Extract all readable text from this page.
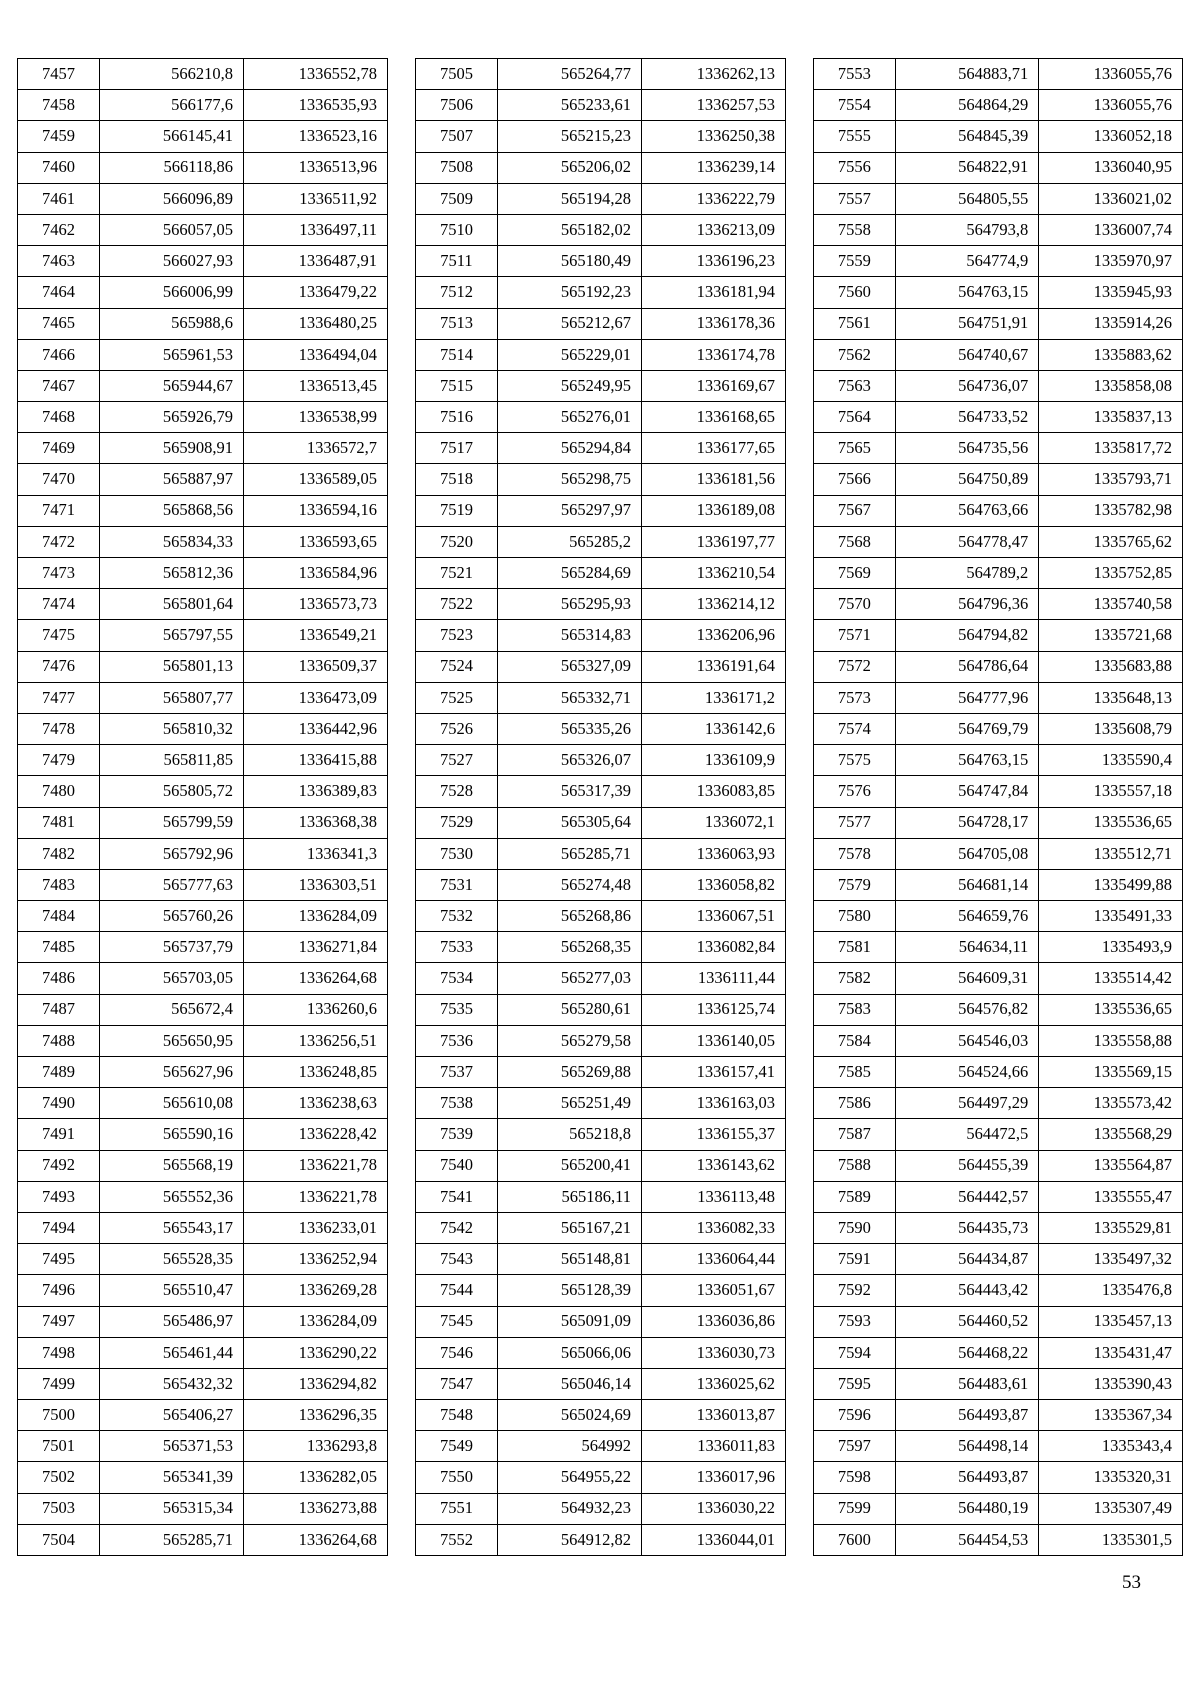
7457	566210,8	1336552,78
7458	566177,6	1336535,93
7459	566145,41	1336523,16
7460	566118,86	1336513,96
7461	566096,89	1336511,92
7462	566057,05	1336497,11
7463	566027,93	1336487,91
7464	566006,99	1336479,22
7465	565988,6	1336480,25
7466	565961,53	1336494,04
7467	565944,67	1336513,45
7468	565926,79	1336538,99
7469	565908,91	1336572,7
7470	565887,97	1336589,05
7471	565868,56	1336594,16
7472	565834,33	1336593,65
7473	565812,36	1336584,96
7474	565801,64	1336573,73
7475	565797,55	1336549,21
7476	565801,13	1336509,37
7477	565807,77	1336473,09
7478	565810,32	1336442,96
7479	565811,85	1336415,88
7480	565805,72	1336389,83
7481	565799,59	1336368,38
7482	565792,96	1336341,3
7483	565777,63	1336303,51
7484	565760,26	1336284,09
7485	565737,79	1336271,84
7486	565703,05	1336264,68
7487	565672,4	1336260,6
7488	565650,95	1336256,51
7489	565627,96	1336248,85
7490	565610,08	1336238,63
7491	565590,16	1336228,42
7492	565568,19	1336221,78
7493	565552,36	1336221,78
7494	565543,17	1336233,01
7495	565528,35	1336252,94
7496	565510,47	1336269,28
7497	565486,97	1336284,09
7498	565461,44	1336290,22
7499	565432,32	1336294,82
7500	565406,27	1336296,35
7501	565371,53	1336293,8
7502	565341,39	1336282,05
7503	565315,34	1336273,88
7504	565285,71	1336264,68
7505	565264,77	1336262,13
7506	565233,61	1336257,53
7507	565215,23	1336250,38
7508	565206,02	1336239,14
7509	565194,28	1336222,79
7510	565182,02	1336213,09
7511	565180,49	1336196,23
7512	565192,23	1336181,94
7513	565212,67	1336178,36
7514	565229,01	1336174,78
7515	565249,95	1336169,67
7516	565276,01	1336168,65
7517	565294,84	1336177,65
7518	565298,75	1336181,56
7519	565297,97	1336189,08
7520	565285,2	1336197,77
7521	565284,69	1336210,54
7522	565295,93	1336214,12
7523	565314,83	1336206,96
7524	565327,09	1336191,64
7525	565332,71	1336171,2
7526	565335,26	1336142,6
7527	565326,07	1336109,9
7528	565317,39	1336083,85
7529	565305,64	1336072,1
7530	565285,71	1336063,93
7531	565274,48	1336058,82
7532	565268,86	1336067,51
7533	565268,35	1336082,84
7534	565277,03	1336111,44
7535	565280,61	1336125,74
7536	565279,58	1336140,05
7537	565269,88	1336157,41
7538	565251,49	1336163,03
7539	565218,8	1336155,37
7540	565200,41	1336143,62
7541	565186,11	1336113,48
7542	565167,21	1336082,33
7543	565148,81	1336064,44
7544	565128,39	1336051,67
7545	565091,09	1336036,86
7546	565066,06	1336030,73
7547	565046,14	1336025,62
7548	565024,69	1336013,87
7549	564992	1336011,83
7550	564955,22	1336017,96
7551	564932,23	1336030,22
7552	564912,82	1336044,01
7553	564883,71	1336055,76
7554	564864,29	1336055,76
7555	564845,39	1336052,18
7556	564822,91	1336040,95
7557	564805,55	1336021,02
7558	564793,8	1336007,74
7559	564774,9	1335970,97
7560	564763,15	1335945,93
7561	564751,91	1335914,26
7562	564740,67	1335883,62
7563	564736,07	1335858,08
7564	564733,52	1335837,13
7565	564735,56	1335817,72
7566	564750,89	1335793,71
7567	564763,66	1335782,98
7568	564778,47	1335765,62
7569	564789,2	1335752,85
7570	564796,36	1335740,58
7571	564794,82	1335721,68
7572	564786,64	1335683,88
7573	564777,96	1335648,13
7574	564769,79	1335608,79
7575	564763,15	1335590,4
7576	564747,84	1335557,18
7577	564728,17	1335536,65
7578	564705,08	1335512,71
7579	564681,14	1335499,88
7580	564659,76	1335491,33
7581	564634,11	1335493,9
7582	564609,31	1335514,42
7583	564576,82	1335536,65
7584	564546,03	1335558,88
7585	564524,66	1335569,15
7586	564497,29	1335573,42
7587	564472,5	1335568,29
7588	564455,39	1335564,87
7589	564442,57	1335555,47
7590	564435,73	1335529,81
7591	564434,87	1335497,32
7592	564443,42	1335476,8
7593	564460,52	1335457,13
7594	564468,22	1335431,47
7595	564483,61	1335390,43
7596	564493,87	1335367,34
7597	564498,14	1335343,4
7598	564493,87	1335320,31
7599	564480,19	1335307,49
7600	564454,53	1335301,5
53
